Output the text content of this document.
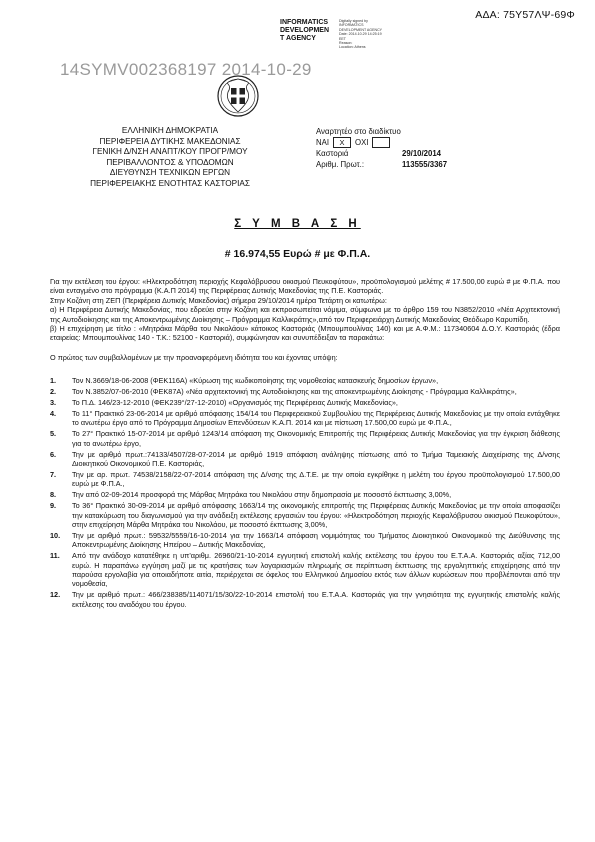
ΑΔΑ: 75Υ57ΛΨ-69Φ
INFORMATICS
DEVELOPMEN
T AGENCY
Digitally signed by
INFORMATICS
DEVELOPMENT AGENCY
Date: 2014.10.29 14:25:19
EET
Reason:
Location: Athens
14SYMV002368197 2014-10-29
ΕΛΛΗΝΙΚΗ ΔΗΜΟΚΡΑΤΙΑ
ΠΕΡΙΦΕΡΕΙΑ ΔΥΤΙΚΗΣ ΜΑΚΕΔΟΝΙΑΣ
ΓΕΝΙΚΗ Δ/ΝΣΗ ΑΝΑΠΤ/ΚΟΥ ΠΡΟΓΡ/ΜΟΥ
ΠΕΡΙΒΑΛΛΟΝΤΟΣ & ΥΠΟΔΟΜΩΝ
ΔΙΕΥΘΥΝΣΗ ΤΕΧΝΙΚΩΝ ΕΡΓΩΝ
ΠΕΡΙΦΕΡΕΙΑΚΗΣ ΕΝΟΤΗΤΑΣ ΚΑΣΤΟΡΙΑΣ
Αναρτητέο στο διαδίκτυο
ΝΑΙ	Χ	ΟΧΙ
Καστοριά	29/10/2014
Αριθμ. Πρωτ.:	113555/3367
Σ Υ Μ Β Α Σ Η
# 16.974,55 Ευρώ # με Φ.Π.Α.

Για την εκτέλεση του έργου: «Ηλεκτροδότηση περιοχής Κεφαλόβρυσου οικισμού Πευκοφύτου», προϋπολογισμού μελέτης # 17.500,00 ευρώ # με Φ.Π.Α. που είναι ενταγμένο στο πρόγραμμα (Κ.Α.Π 2014) της Περιφέρειας Δυτικής Μακεδονίας της Π.Ε. Καστοριάς.

Στην Κοζάνη στη ΖΕΠ (Περιφέρεια Δυτικής Μακεδονίας) σήμερα 29/10/2014 ημέρα Τετάρτη οι κατωτέρω:

α) Η Περιφέρεια Δυτικής Μακεδονίας, που εδρεύει στην Κοζάνη και εκπροσωπείται νόμιμα, σύμφωνα με το άρθρο 159 του Ν3852/2010 «Νέα Αρχιτεκτονική της Αυτοδιοίκησης και της Αποκεντρωμένης Διοίκησης – Πρόγραμμα Καλλικράτης»,από τον Περιφερειάρχη Δυτικής Μακεδονίας Θεόδωρο Καρυπίδη.

β) Η επιχείρηση με τίτλο : «Μητράκα Μάρθα του Νικολάου» κάτοικος Καστοριάς (Μπουμπουλίνας 140) και με Α.Φ.Μ.: 117340604 Δ.Ο.Υ. Καστοριάς (έδρα εταιρείας: Μπουμπουλίνας 140 - Τ.Κ.: 52100 - Καστοριά), συμφώνησαν και συνυπέδειξαν τα παρακάτω:

Ο πρώτος των συμβαλλομένων με την προαναφερόμενη ιδιότητα του και έχοντας υπόψη:

1.	Τον Ν.3669/18-06-2008 (ΦΕΚ116Α) «Κύρωση της κωδικοποίησης της νομοθεσίας κατασκευής δημοσίων έργων»,
2.	Τον Ν.3852/07-06-2010 (ΦΕΚ87Α) «Νέα αρχιτεκτονική της Αυτοδιοίκησης και της αποκεντρωμένης Διοίκησης - Πρόγραμμα Καλλικράτης»,
3.	Το Π.Δ. 146/23-12-2010 (ΦΕΚ239°/27-12-2010) «Οργανισμός της Περιφέρειας Δυτικής Μακεδονίας»,
4.	Το 11° Πρακτικό 23-06-2014 με αριθμό απόφασης 154/14 του Περιφερειακού Συμβουλίου της Περιφέρειας Δυτικής Μακεδονίας με την οποία εντάχθηκε το ανωτέρω έργο από το Πρόγραμμα Δημοσίων Επενδύσεων Κ.Α.Π. 2014 και με πίστωση 17.500,00 ευρώ με Φ.Π.Α.,
5.	Το 27° Πρακτικό 15-07-2014 με αριθμό 1243/14 απόφαση της Οικονομικής Επιτροπής της Περιφέρειας Δυτικής Μακεδονίας για την έγκριση διάθεσης για το ανωτέρω έργο,
6.	Την με αριθμό πρωτ.:74133/4507/28-07-2014 με αριθμό 1919 απόφαση ανάληψης πίστωσης από το Τμήμα Ταμειακής Διαχείρισης της Δ/νσης Διοικητικού Οικονομικού Π.Ε. Καστοριάς,
7.	Την με αρ. πρωτ. 74538/2158/22-07-2014 απόφαση της Δ/νσης της Δ.Τ.Ε. με την οποία εγκρίθηκε η μελέτη του έργου προϋπολογισμού 17.500,00 ευρώ με Φ.Π.Α.,
8.	Την από 02-09-2014 προσφορά της Μάρθας Μητράκα του Νικολάου στην δημοπρασία με ποσοστό έκπτωσης 3,00%,
9.	Το 36° Πρακτικό 30-09-2014 με αριθμό απόφασης 1663/14 της οικονομικής επιτροπής της Περιφέρειας Δυτικής Μακεδονίας με την οποία αποφασίζει την κατακύρωση του διαγωνισμού για την ανάδειξη εκτέλεσης εργασιών του έργου: «Ηλεκτροδότηση περιοχής Κεφαλόβρυσου οικισμού Πευκοφύτου», στην επιχείρηση Μάρθα Μητράκα του Νικολάου, με ποσοστό έκπτωσης 3,00%,
10.	Την με αριθμό πρωτ.: 59532/5559/16-10-2014 για την 1663/14 απόφαση νομιμότητας του Τμήματος Διοικητικού Οικονομικού της Διεύθυνσης της Αποκεντρωμένης Διοίκησης Ηπείρου – Δυτικής Μακεδονίας,
11.	Από την ανάδοχο κατατέθηκε η υπ'αριθμ. 26960/21-10-2014 εγγυητική επιστολή καλής εκτέλεσης του έργου του Ε.Τ.Α.Α. Καστοριάς αξίας 712,00 ευρώ. Η παραπάνω εγγύηση μαζί με τις κρατήσεις των λογαριασμών πληρωμής σε περίπτωση έκπτωσης της εργοληπτικής επιχείρησης από την παρούσα εργολαβία για οποιαδήποτε αιτία, περιέρχεται σε όφελος του Ελληνικού Δημοσίου εκτός των άλλων κυρώσεων που προβλέπονται από την νομοθεσία,
12.	Την με αριθμό πρωτ.: 466/238385/114071/15/30/22-10-2014 επιστολή του Ε.Τ.Α.Α. Καστοριάς για την γνησιότητα της εγγυητικής επιστολής καλής εκτέλεσης του αναδόχου του έργου.
